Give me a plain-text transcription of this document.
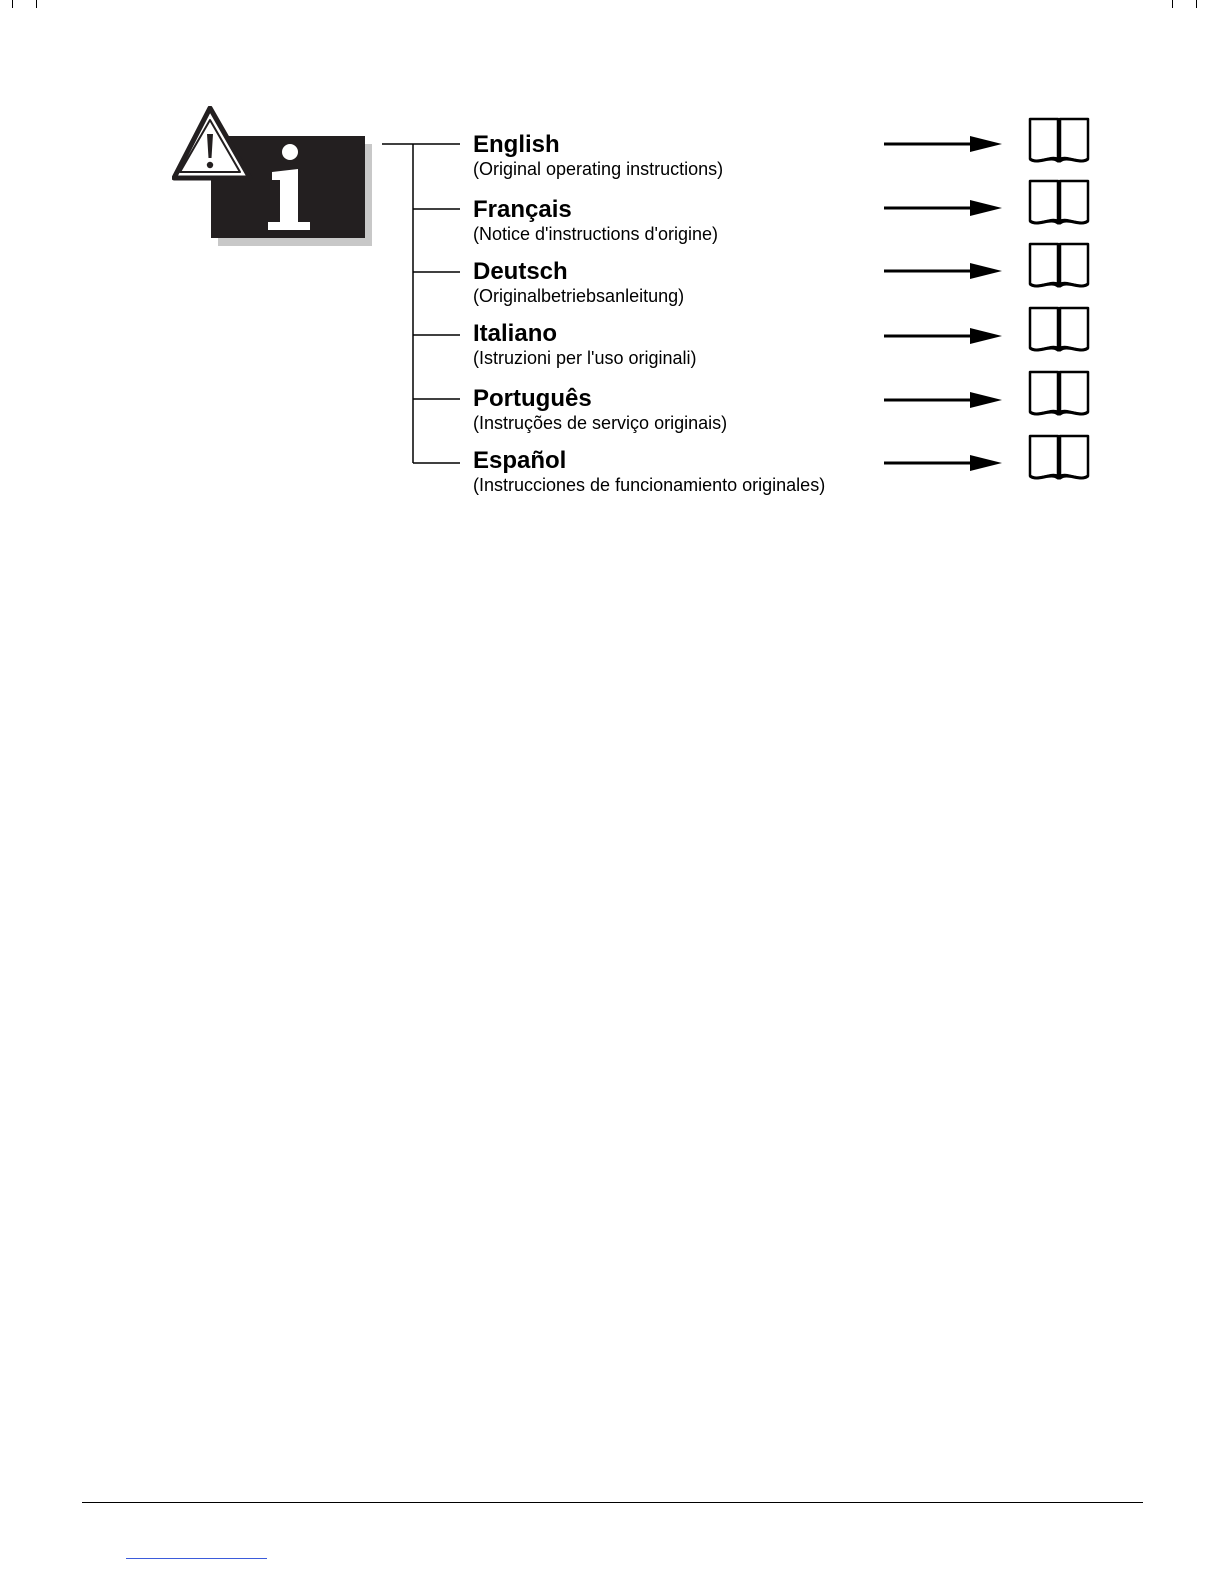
English
(Original operating instructions)
Français
(Notice d'instructions d'origine)
Deutsch
(Originalbetriebsanleitung)
Italiano
(Istruzioni per l'uso originali)
Português
(Instruções de serviço originais)
Español
(Instrucciones de funcionamiento originales)
